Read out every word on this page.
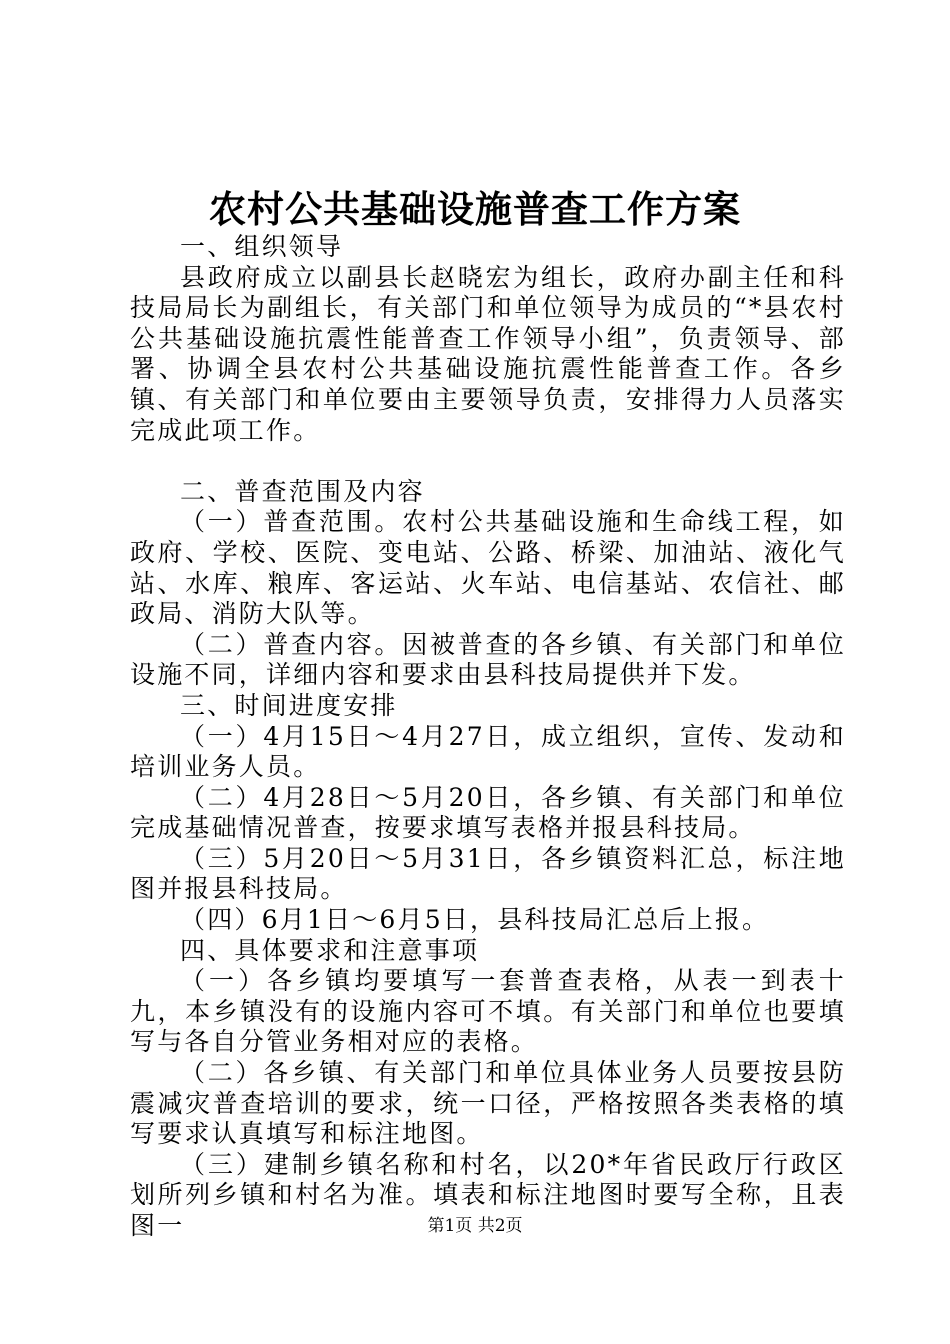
农村公共基础设施普查工作方案

一、组织领导

县政府成立以副县长赵晓宏为组长，政府办副主任和科技局局长为副组长，有关部门和单位领导为成员的“*县农村公共基础设施抗震性能普查工作领导小组”，负责领导、部署、协调全县农村公共基础设施抗震性能普查工作。各乡镇、有关部门和单位要由主要领导负责，安排得力人员落实完成此项工作。

二、普查范围及内容

（一）普查范围。农村公共基础设施和生命线工程，如政府、学校、医院、变电站、公路、桥梁、加油站、液化气站、水库、粮库、客运站、火车站、电信基站、农信社、邮政局、消防大队等。

（二）普查内容。因被普查的各乡镇、有关部门和单位设施不同，详细内容和要求由县科技局提供并下发。

三、时间进度安排

（一）4月15日～4月27日，成立组织，宣传、发动和培训业务人员。

（二）4月28日～5月20日，各乡镇、有关部门和单位完成基础情况普查，按要求填写表格并报县科技局。

（三）5月20日～5月31日，各乡镇资料汇总，标注地图并报县科技局。

（四）6月1日～6月5日，县科技局汇总后上报。

四、具体要求和注意事项

（一）各乡镇均要填写一套普查表格，从表一到表十九，本乡镇没有的设施内容可不填。有关部门和单位也要填写与各自分管业务相对应的表格。

（二）各乡镇、有关部门和单位具体业务人员要按县防震减灾普查培训的要求，统一口径，严格按照各类表格的填写要求认真填写和标注地图。

（三）建制乡镇名称和村名，以20*年省民政厅行政区划所列乡镇和村名为准。填表和标注地图时要写全称，且表图一	第1页 共2页
